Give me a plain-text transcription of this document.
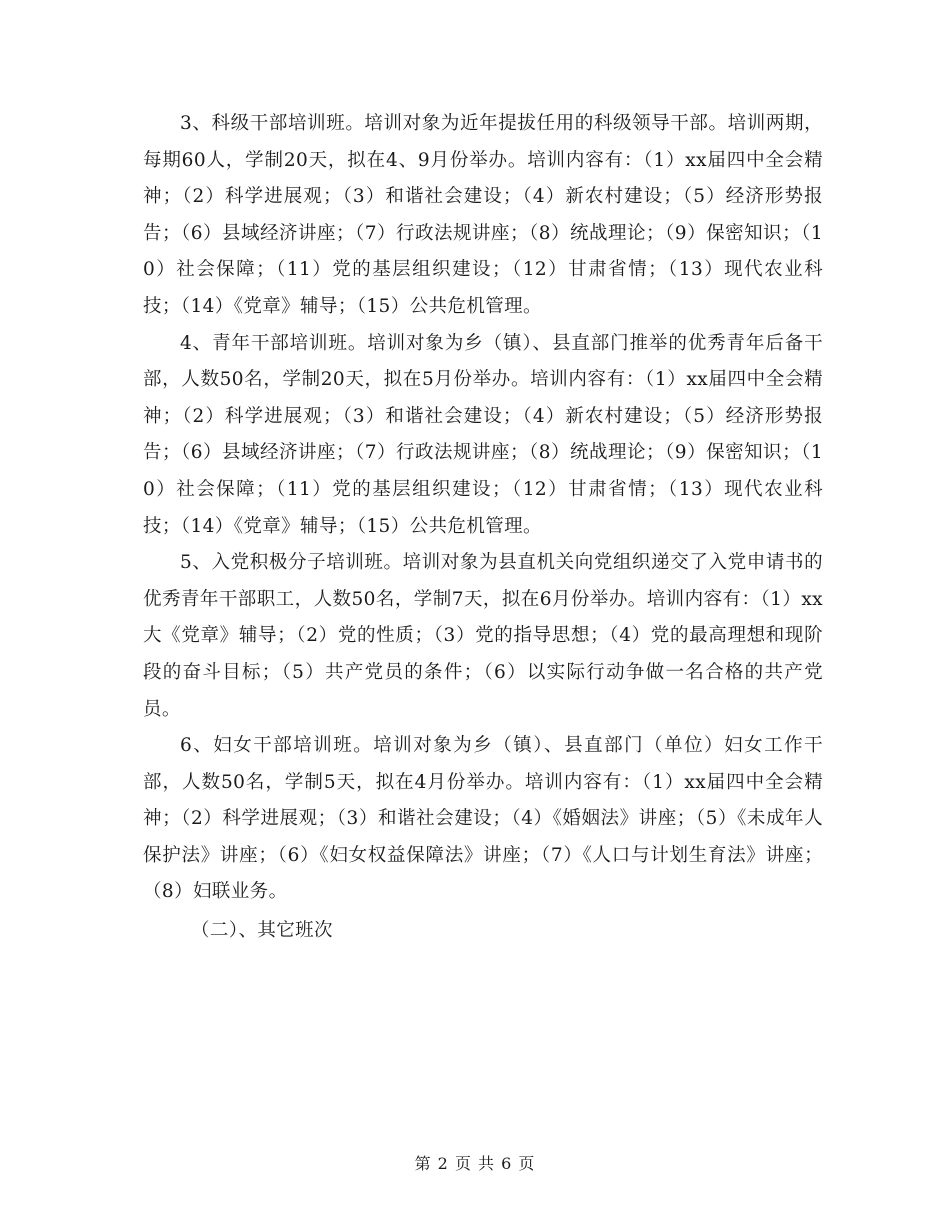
3、科级干部培训班。培训对象为近年提拔任用的科级领导干部。培训两期，每期60人，学制20天，拟在4、9月份举办。培训内容有：（1）xx届四中全会精神；（2）科学进展观；（3）和谐社会建设；（4）新农村建设；（5）经济形势报告；（6）县域经济讲座；（7）行政法规讲座；（8）统战理论；（9）保密知识；（10）社会保障；（11）党的基层组织建设；（12）甘肃省情；（13）现代农业科技；（14）《党章》辅导；（15）公共危机管理。

4、青年干部培训班。培训对象为乡（镇）、县直部门推举的优秀青年后备干部，人数50名，学制20天，拟在5月份举办。培训内容有：（1）xx届四中全会精神；（2）科学进展观；（3）和谐社会建设；（4）新农村建设；（5）经济形势报告；（6）县域经济讲座；（7）行政法规讲座；（8）统战理论；（9）保密知识；（10）社会保障；（11）党的基层组织建设；（12）甘肃省情；（13）现代农业科技；（14）《党章》辅导；（15）公共危机管理。

5、入党积极分子培训班。培训对象为县直机关向党组织递交了入党申请书的优秀青年干部职工，人数50名，学制7天，拟在6月份举办。培训内容有：（1）xx大《党章》辅导；（2）党的性质；（3）党的指导思想；（4）党的最高理想和现阶段的奋斗目标；（5）共产党员的条件；（6）以实际行动争做一名合格的共产党员。

6、妇女干部培训班。培训对象为乡（镇）、县直部门（单位）妇女工作干部，人数50名，学制5天，拟在4月份举办。培训内容有：（1）xx届四中全会精神；（2）科学进展观；（3）和谐社会建设；（4）《婚姻法》讲座；（5）《未成年人保护法》讲座；（6）《妇女权益保障法》讲座；（7）《人口与计划生育法》讲座；（8）妇联业务。

（二）、其它班次

第 2 页 共 6 页
